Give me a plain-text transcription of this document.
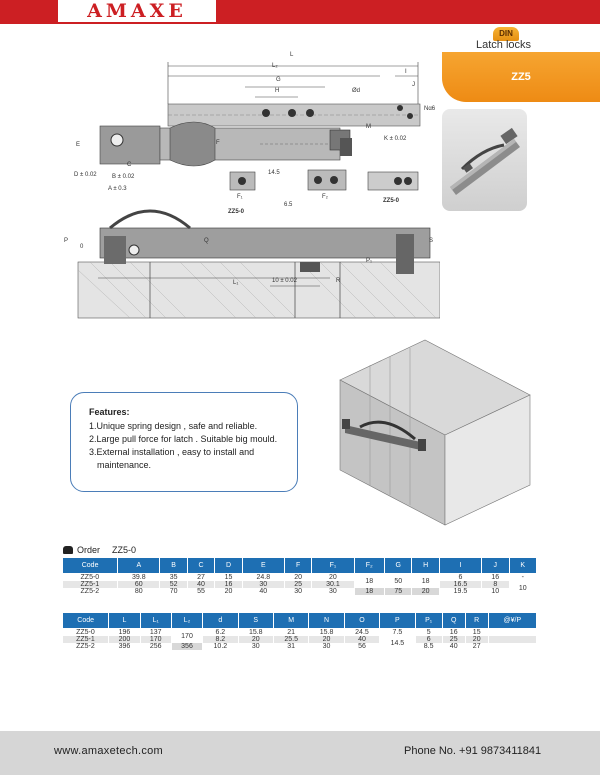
AMAXE
DIN
Latch locks
ZZ5
L
L₂
G
H	Ød
I
J
Nα6
M
K ± 0.02
E	F
C
B ± 0.02
A ± 0.3
D ± 0.02
F₁	F₂
14.5
6.5
ZZ5-0
ZZ5-0
P
0
Q	S
P₁
L₁	10 ± 0.02	R
Features:
1.Unique spring design , safe and reliable.
2.Large pull force for latch . Suitable big mould.
3.External installation , easy to install and
maintenance.
Order ZZ5-0
Code	A	B	C	D	E	F	F₁	F₂	G	H	I	J	K
ZZ5-0	39.8	35	27	15	24.8	20	20	18	50	18	6	16	-
ZZ5-1	60	52	40	16	30	25	30.1				16.5	8	10
ZZ5-2	80	70	55	20	40	30	30	18	75	20	19.5	10	
Code	L	L₁	L₂	d	S	M	N	O	P	P₁	Q	R	@¥/P
ZZ5-0	196	137	170	6.2	15.8	21	15.8	24.5	7.5	5	16	15	
ZZ5-1	200	170		8.2	20	25.5	20	40	14.5	6	25	20	
ZZ5-2	396	256	356	10.2	30	31	30	56		8.5	40	27	
www.amaxetech.com	Phone No. +91 9873411841
